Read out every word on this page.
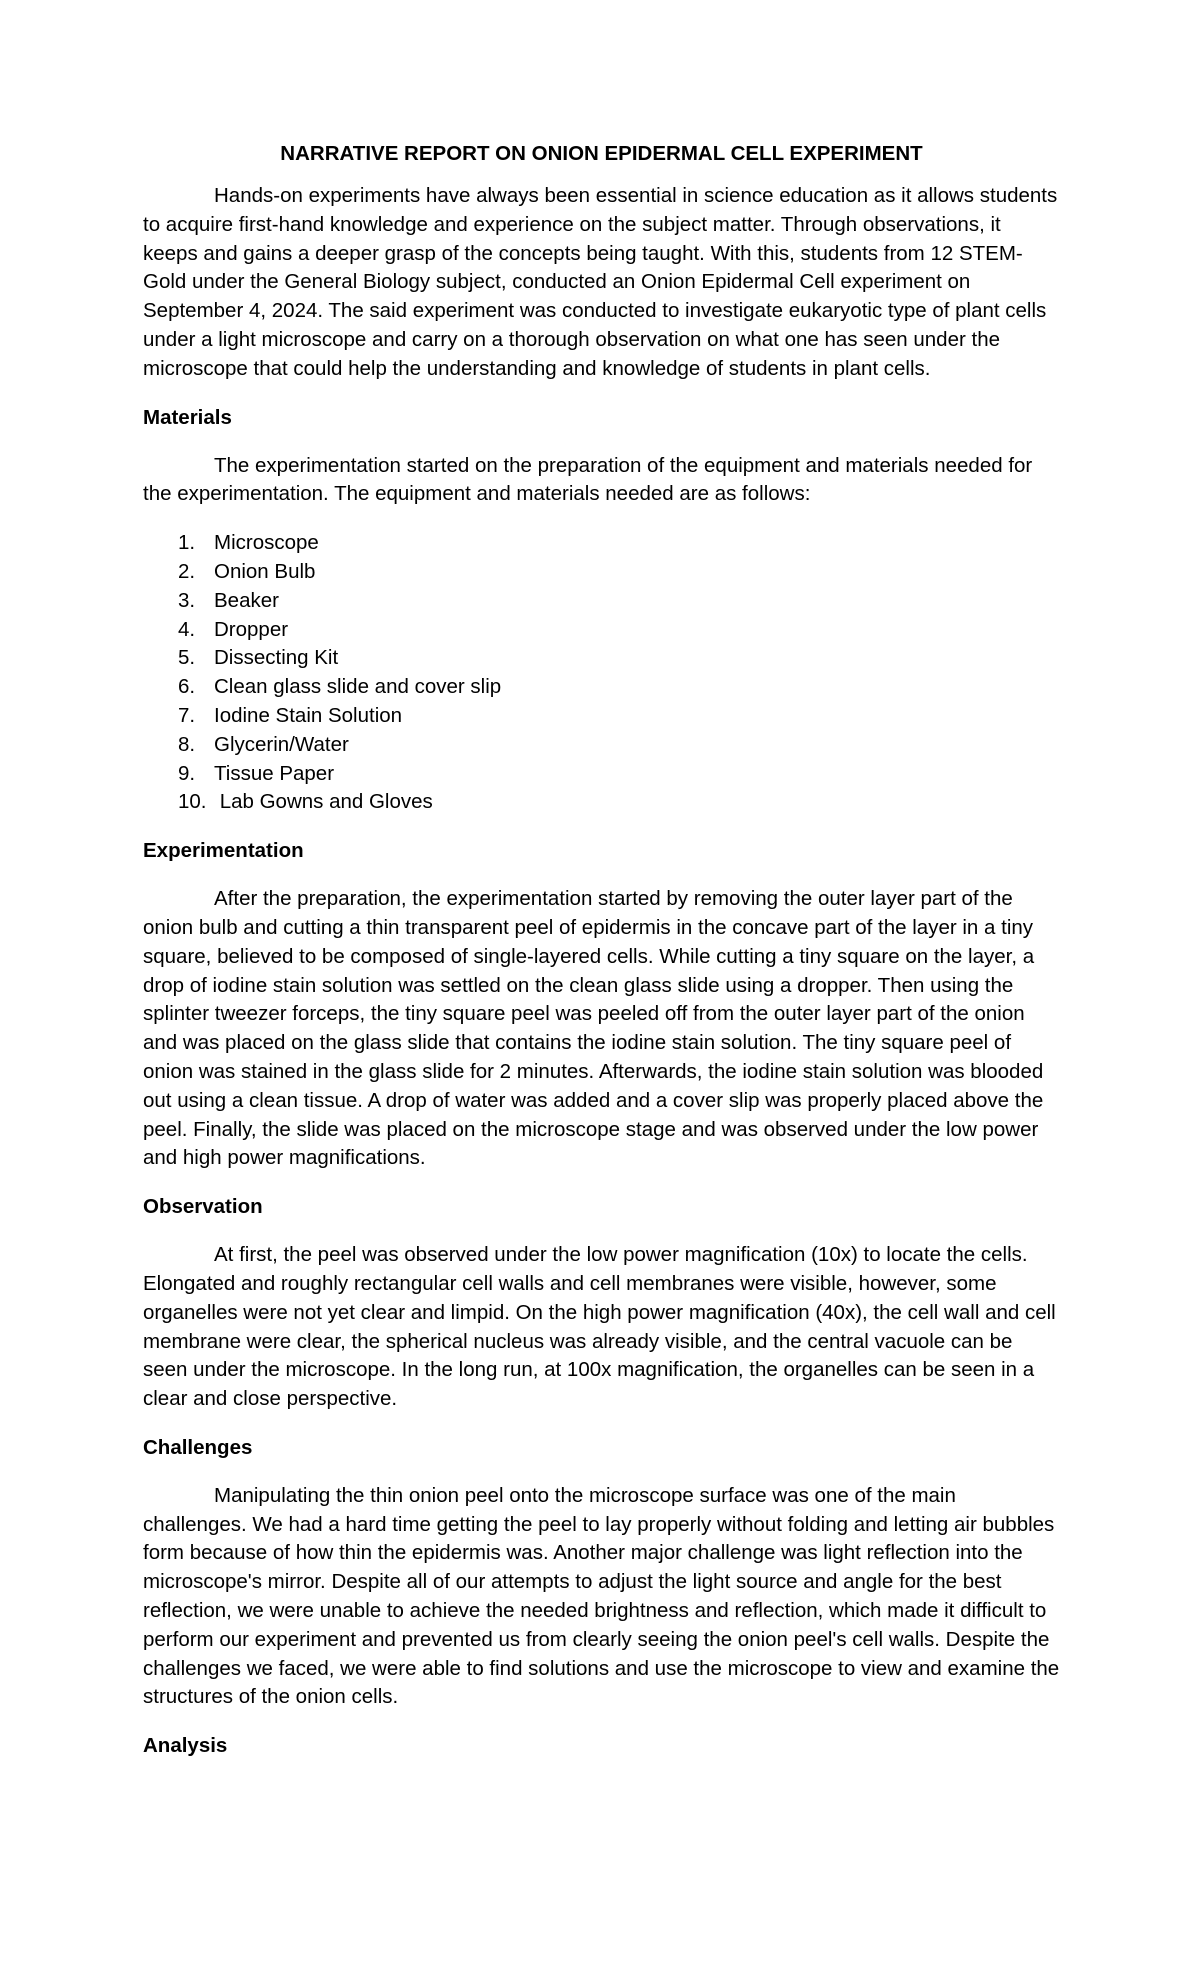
NARRATIVE REPORT ON ONION EPIDERMAL CELL EXPERIMENT

Hands-on experiments have always been essential in science education as it allows students to acquire first-hand knowledge and experience on the subject matter. Through observations, it keeps and gains a deeper grasp of the concepts being taught. With this, students from 12 STEM- Gold under the General Biology subject, conducted an Onion Epidermal Cell experiment on September 4, 2024. The said experiment was conducted to investigate eukaryotic type of plant cells under a light microscope and carry on a thorough observation on what one has seen under the microscope that could help the understanding and knowledge of students in plant cells.

Materials

The experimentation started on the preparation of the equipment and materials needed for the experimentation. The equipment and materials needed are as follows:

1. Microscope
2. Onion Bulb
3. Beaker
4. Dropper
5. Dissecting Kit
6. Clean glass slide and cover slip
7. Iodine Stain Solution
8. Glycerin/Water
9. Tissue Paper
10. Lab Gowns and Gloves
Experimentation

After the preparation, the experimentation started by removing the outer layer part of the onion bulb and cutting a thin transparent peel of epidermis in the concave part of the layer in a tiny square, believed to be composed of single-layered cells. While cutting a tiny square on the layer, a drop of iodine stain solution was settled on the clean glass slide using a dropper. Then using the splinter tweezer forceps, the tiny square peel was peeled off from the outer layer part of the onion and was placed on the glass slide that contains the iodine stain solution. The tiny square peel of onion was stained in the glass slide for 2 minutes. Afterwards, the iodine stain solution was blooded out using a clean tissue. A drop of water was added and a cover slip was properly placed above the peel. Finally, the slide was placed on the microscope stage and was observed under the low power and high power magnifications.

Observation

At first, the peel was observed under the low power magnification (10x) to locate the cells. Elongated and roughly rectangular cell walls and cell membranes were visible, however, some organelles were not yet clear and limpid. On the high power magnification (40x), the cell wall and cell membrane were clear, the spherical nucleus was already visible, and the central vacuole can be seen under the microscope. In the long run, at 100x magnification, the organelles can be seen in a clear and close perspective.

Challenges

Manipulating the thin onion peel onto the microscope surface was one of the main challenges. We had a hard time getting the peel to lay properly without folding and letting air bubbles form because of how thin the epidermis was. Another major challenge was light reflection into the microscope's mirror. Despite all of our attempts to adjust the light source and angle for the best reflection, we were unable to achieve the needed brightness and reflection, which made it difficult to perform our experiment and prevented us from clearly seeing the onion peel's cell walls. Despite the challenges we faced, we were able to find solutions and use the microscope to view and examine the structures of the onion cells.

Analysis
